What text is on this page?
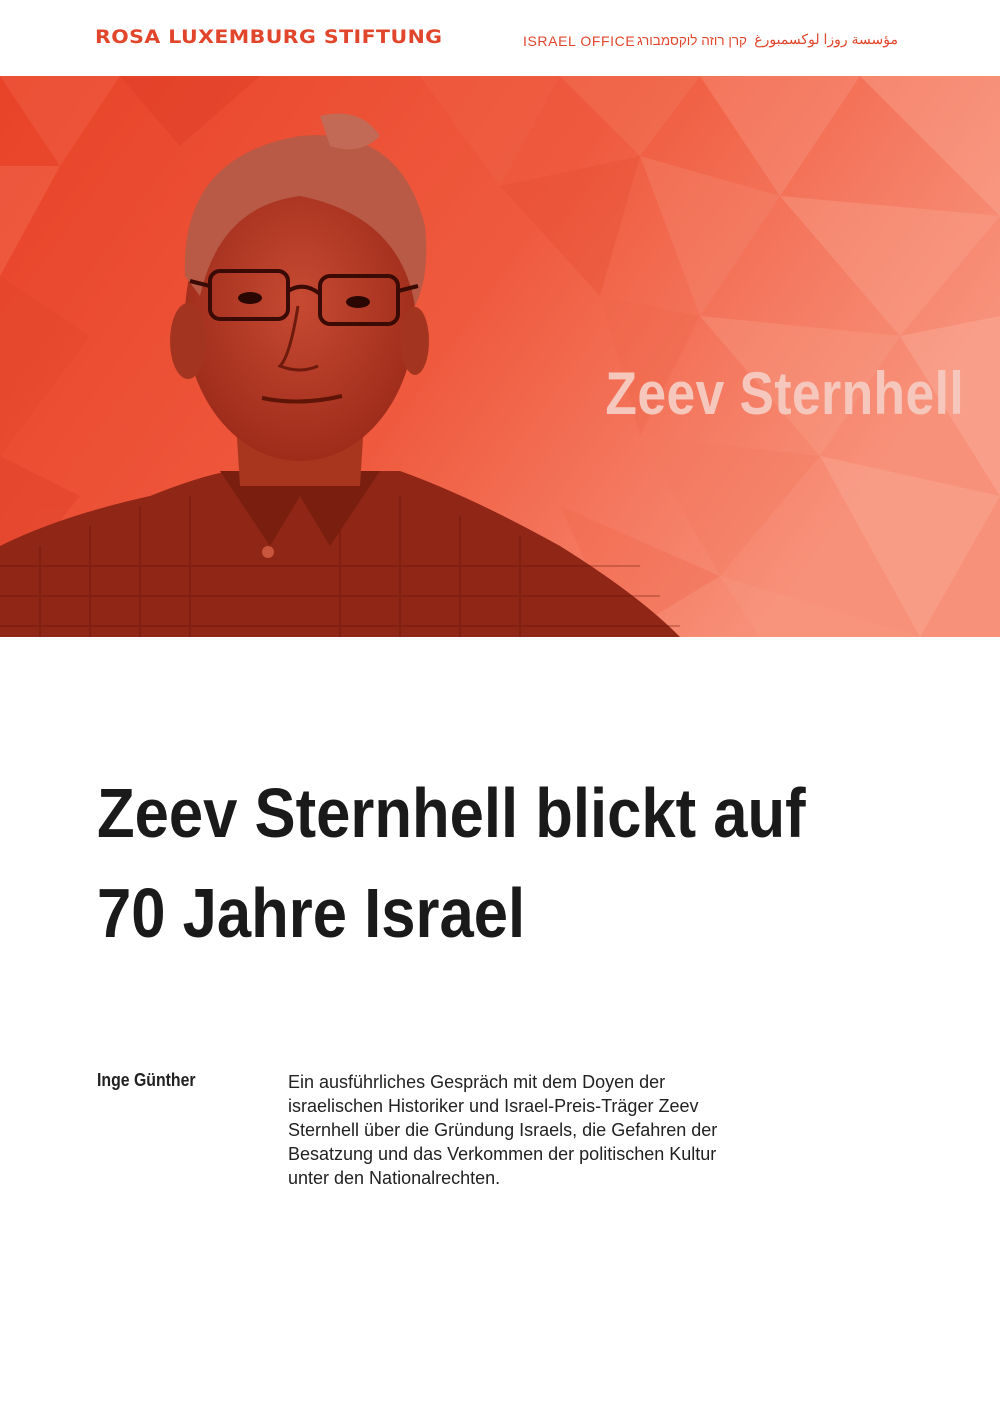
ROSA LUXEMBURG STIFTUNG	ISRAEL OFFICE קרן רוזה לוקסמבורג مؤسسة روزا لوكسمبورغ
Zeev Sternhell
Zeev Sternhell blickt auf
70 Jahre Israel
Inge Günther	Ein ausführliches Gespräch mit dem Doyen der
israelischen Historiker und Israel-Preis-Träger Zeev
Sternhell über die Gründung Israels, die Gefahren der
Besatzung und das Verkommen der politischen Kultur
unter den Nationalrechten.
